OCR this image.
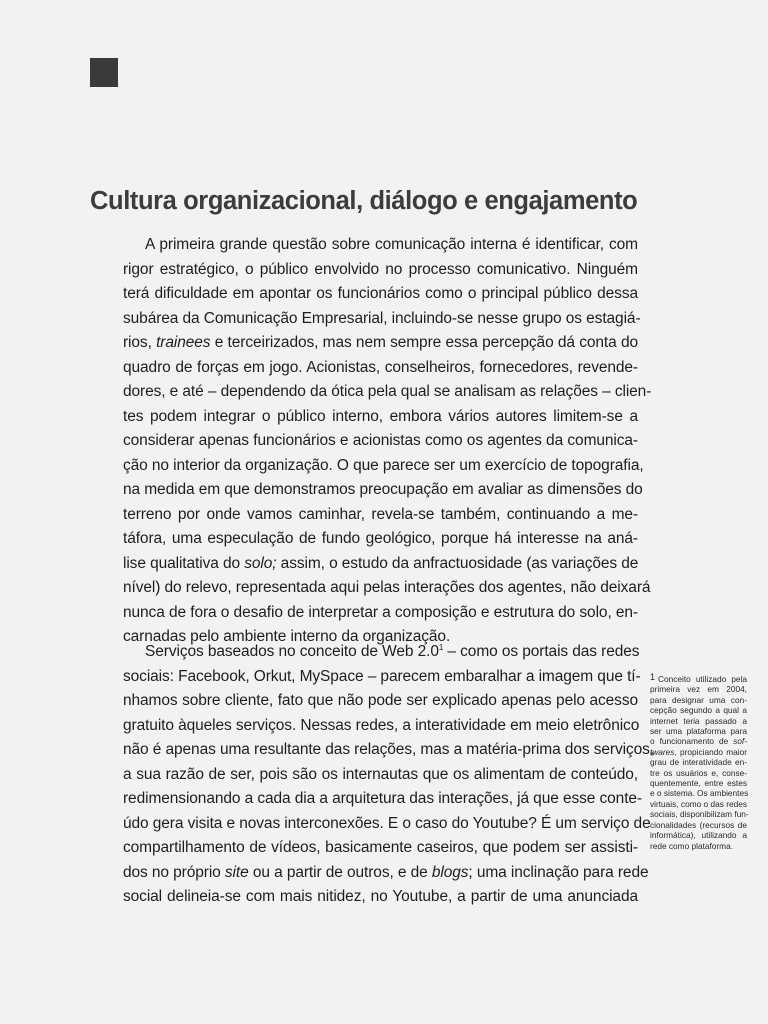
Cultura organizacional, diálogo e engajamento
A primeira grande questão sobre comunicação interna é identificar, com
rigor estratégico, o público envolvido no processo comunicativo. Ninguém
terá dificuldade em apontar os funcionários como o principal público dessa
subárea da Comunicação Empresarial, incluindo-se nesse grupo os estagiá-
rios, trainees e terceirizados, mas nem sempre essa percepção dá conta do
quadro de forças em jogo. Acionistas, conselheiros, fornecedores, revende-
dores, e até – dependendo da ótica pela qual se analisam as relações – clien-
tes podem integrar o público interno, embora vários autores limitem-se a
considerar apenas funcionários e acionistas como os agentes da comunica-
ção no interior da organização. O que parece ser um exercício de topografia,
na medida em que demonstramos preocupação em avaliar as dimensões do
terreno por onde vamos caminhar, revela-se também, continuando a me-
táfora, uma especulação de fundo geológico, porque há interesse na aná-
lise qualitativa do solo; assim, o estudo da anfractuosidade (as variações de
nível) do relevo, representada aqui pelas interações dos agentes, não deixará
nunca de fora o desafio de interpretar a composição e estrutura do solo, en-
carnadas pelo ambiente interno da organização.
Serviços baseados no conceito de Web 2.0$^1$ – como os portais das redes
sociais: Facebook, Orkut, MySpace – parecem embaralhar a imagem que tí-
nhamos sobre cliente, fato que não pode ser explicado apenas pelo acesso
gratuito àqueles serviços. Nessas redes, a interatividade em meio eletrônico
não é apenas uma resultante das relações, mas a matéria-prima dos serviços,
a sua razão de ser, pois são os internautas que os alimentam de conteúdo,
redimensionando a cada dia a arquitetura das interações, já que esse conte-
údo gera visita e novas interconexões. E o caso do Youtube? É um serviço de
compartilhamento de vídeos, basicamente caseiros, que podem ser assisti-
dos no próprio site ou a partir de outros, e de blogs; uma inclinação para rede
social delineia-se com mais nitidez, no Youtube, a partir de uma anunciada
1 Conceito utilizado pela
primeira vez em 2004,
para designar uma con-
cepção segundo a qual a
internet teria passado a
ser uma plataforma para
o funcionamento de sof-
twares, propiciando maior
grau de interatividade en-
tre os usuários e, conse-
quentemente, entre estes
e o sistema. Os ambientes
virtuais, como o das redes
sociais, disponibilizam fun-
cionalidades (recursos de
informática), utilizando a
rede como plataforma.
